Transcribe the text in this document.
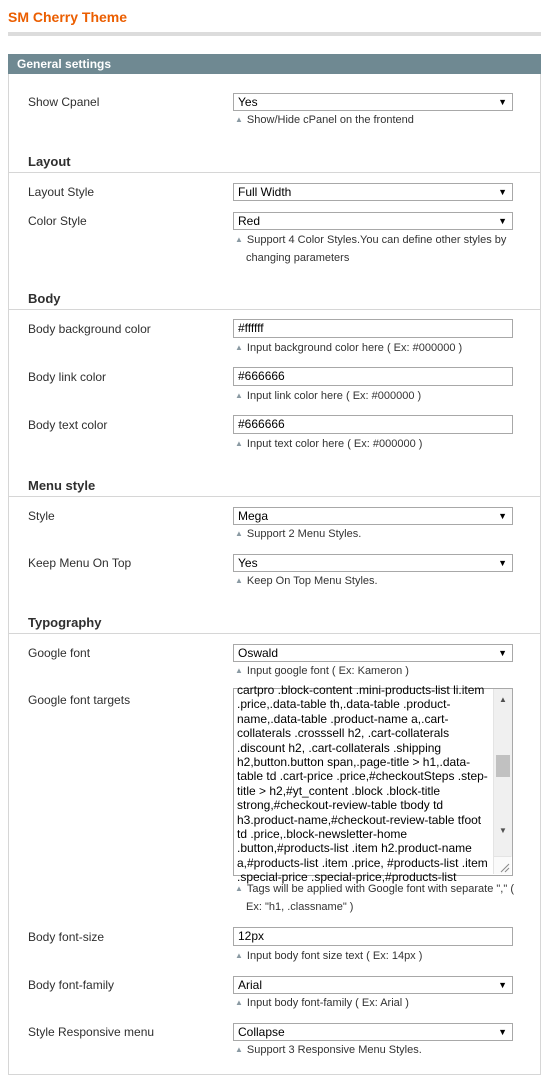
SM Cherry Theme
General settings
Show Cpanel	Yes	▼
▲ Show/Hide cPanel on the frontend
Layout
Layout Style	Full Width	▼
Color Style	Red	▼
▲ Support 4 Color Styles.You can define other styles by
changing parameters
Body
Body background color	#ffffff
▲ Input background color here ( Ex: #000000 )
Body link color	#666666
▲ Input link color here ( Ex: #000000 )
Body text color	#666666
▲ Input text color here ( Ex: #000000 )
Menu style
Style	Mega	▼
▲ Support 2 Menu Styles.
Keep Menu On Top	Yes	▼
▲ Keep On Top Menu Styles.
Typography
Google font	Oswald	▼
▲ Input google font ( Ex: Kameron )
Google font targets
cartpro .block-content .mini-products-list li.item .price,.data-table th,.data-table .product-name,.data-table .product-name a,.cart-collaterals .crosssell h2, .cart-collaterals .discount h2, .cart-collaterals .shipping h2,button.button span,.page-title > h1,.data-table td .cart-price .price,#checkoutSteps .step-title > h2,#yt_content .block .block-title strong,#checkout-review-table tbody td h3.product-name,#checkout-review-table tfoot td .price,.block-newsletter-home .button,#products-list .item h2.product-name a,#products-list .item .price, #products-list .item .special-price .special-price,#products-list
▲
▼
▲ Tags will be applied with Google font with separate "," (
Ex: "h1, .classname" )
Body font-size	12px
▲ Input body font size text ( Ex: 14px )
Body font-family	Arial	▼
▲ Input body font-family ( Ex: Arial )
Style Responsive menu	Collapse	▼
▲ Support 3 Responsive Menu Styles.
